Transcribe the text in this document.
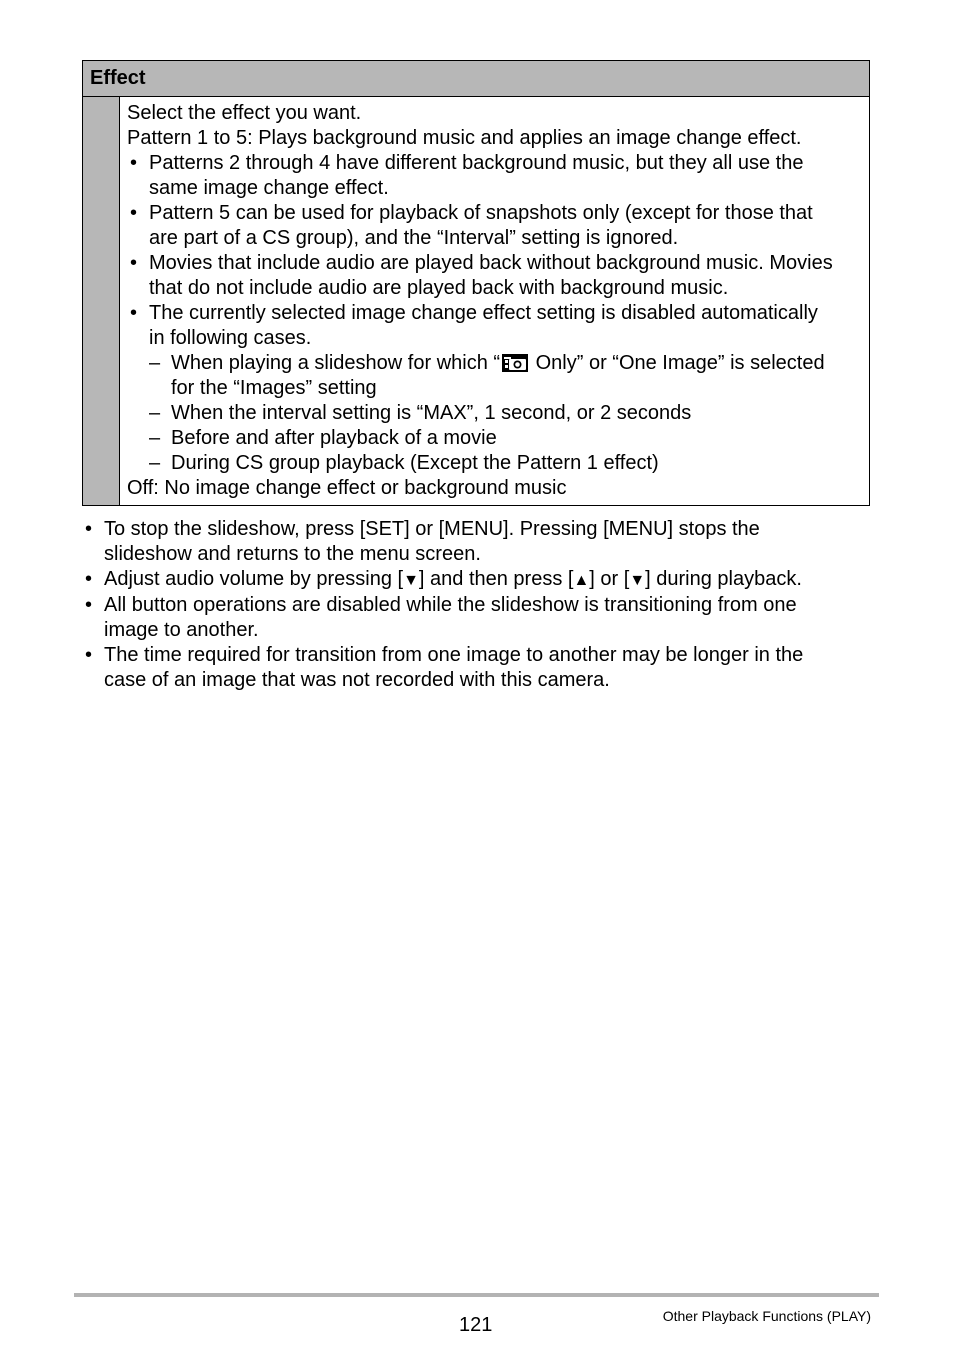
Effect
Select the effect you want.
Pattern 1 to 5: Plays background music and applies an image change effect.
• Patterns 2 through 4 have different background music, but they all use the
same image change effect.
• Pattern 5 can be used for playback of snapshots only (except for those that
are part of a CS group), and the “Interval” setting is ignored.
• Movies that include audio are played back without background music. Movies
that do not include audio are played back with background music.
• The currently selected image change effect setting is disabled automatically
in following cases.
– When playing a slideshow for which “ Only” or “One Image” is selected
for the “Images” setting
– When the interval setting is “MAX”, 1 second, or 2 seconds
– Before and after playback of a movie
– During CS group playback (Except the Pattern 1 effect)
Off: No image change effect or background music
• To stop the slideshow, press [SET] or [MENU]. Pressing [MENU] stops the
slideshow and returns to the menu screen.
• Adjust audio volume by pressing [▼] and then press [▲] or [▼] during playback.
• All button operations are disabled while the slideshow is transitioning from one
image to another.
• The time required for transition from one image to another may be longer in the
case of an image that was not recorded with this camera.
121	Other Playback Functions (PLAY)
